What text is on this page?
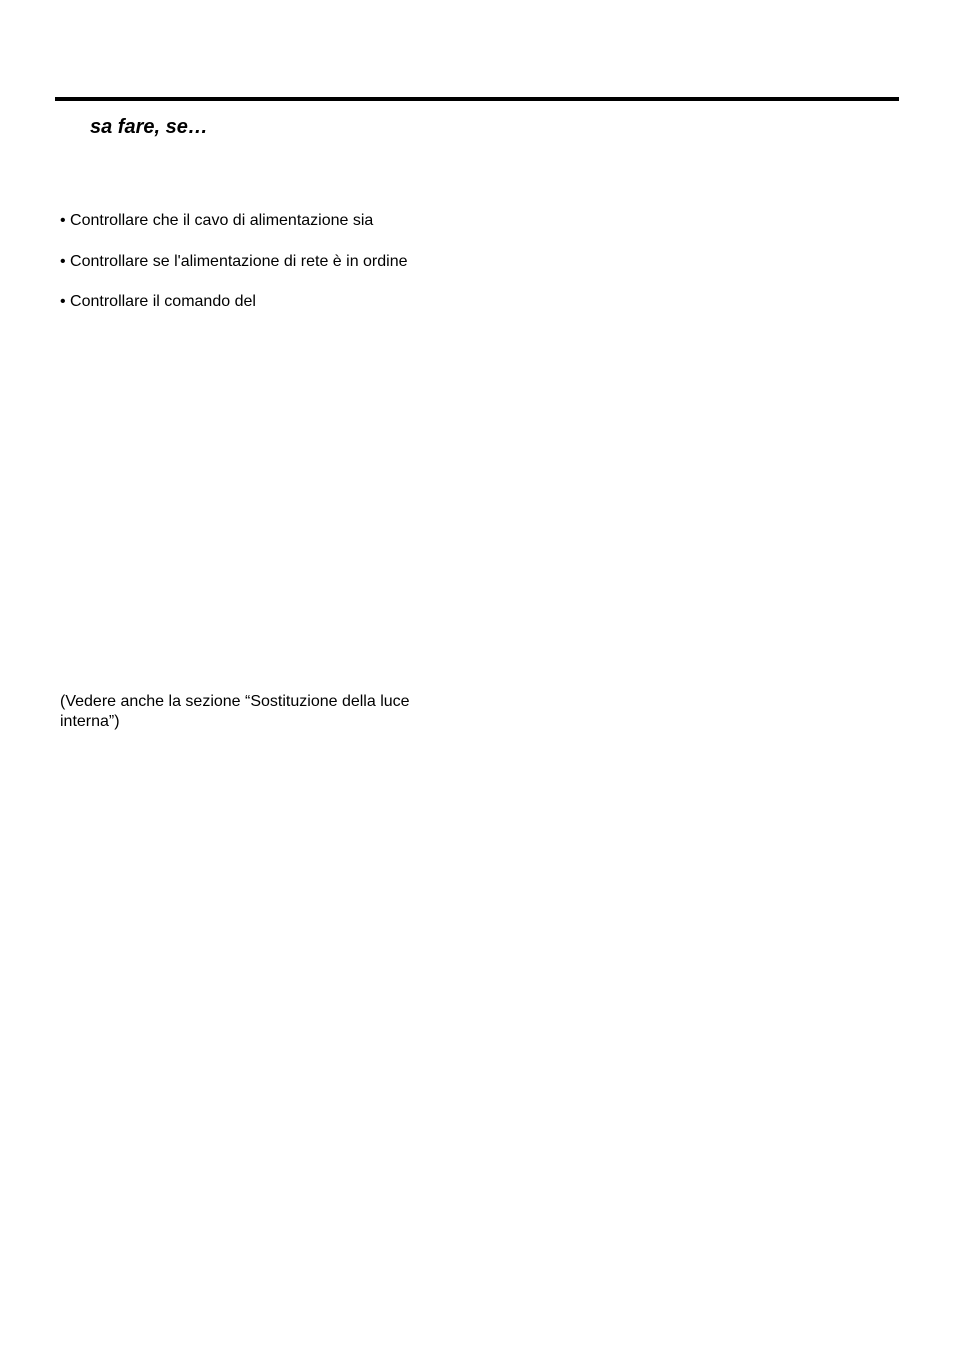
sa fare, se…
• Controllare che il cavo di alimentazione sia
• Controllare se l'alimentazione di rete è in ordine
• Controllare il comando del
(Vedere anche la sezione “Sostituzione della luce
interna”)
